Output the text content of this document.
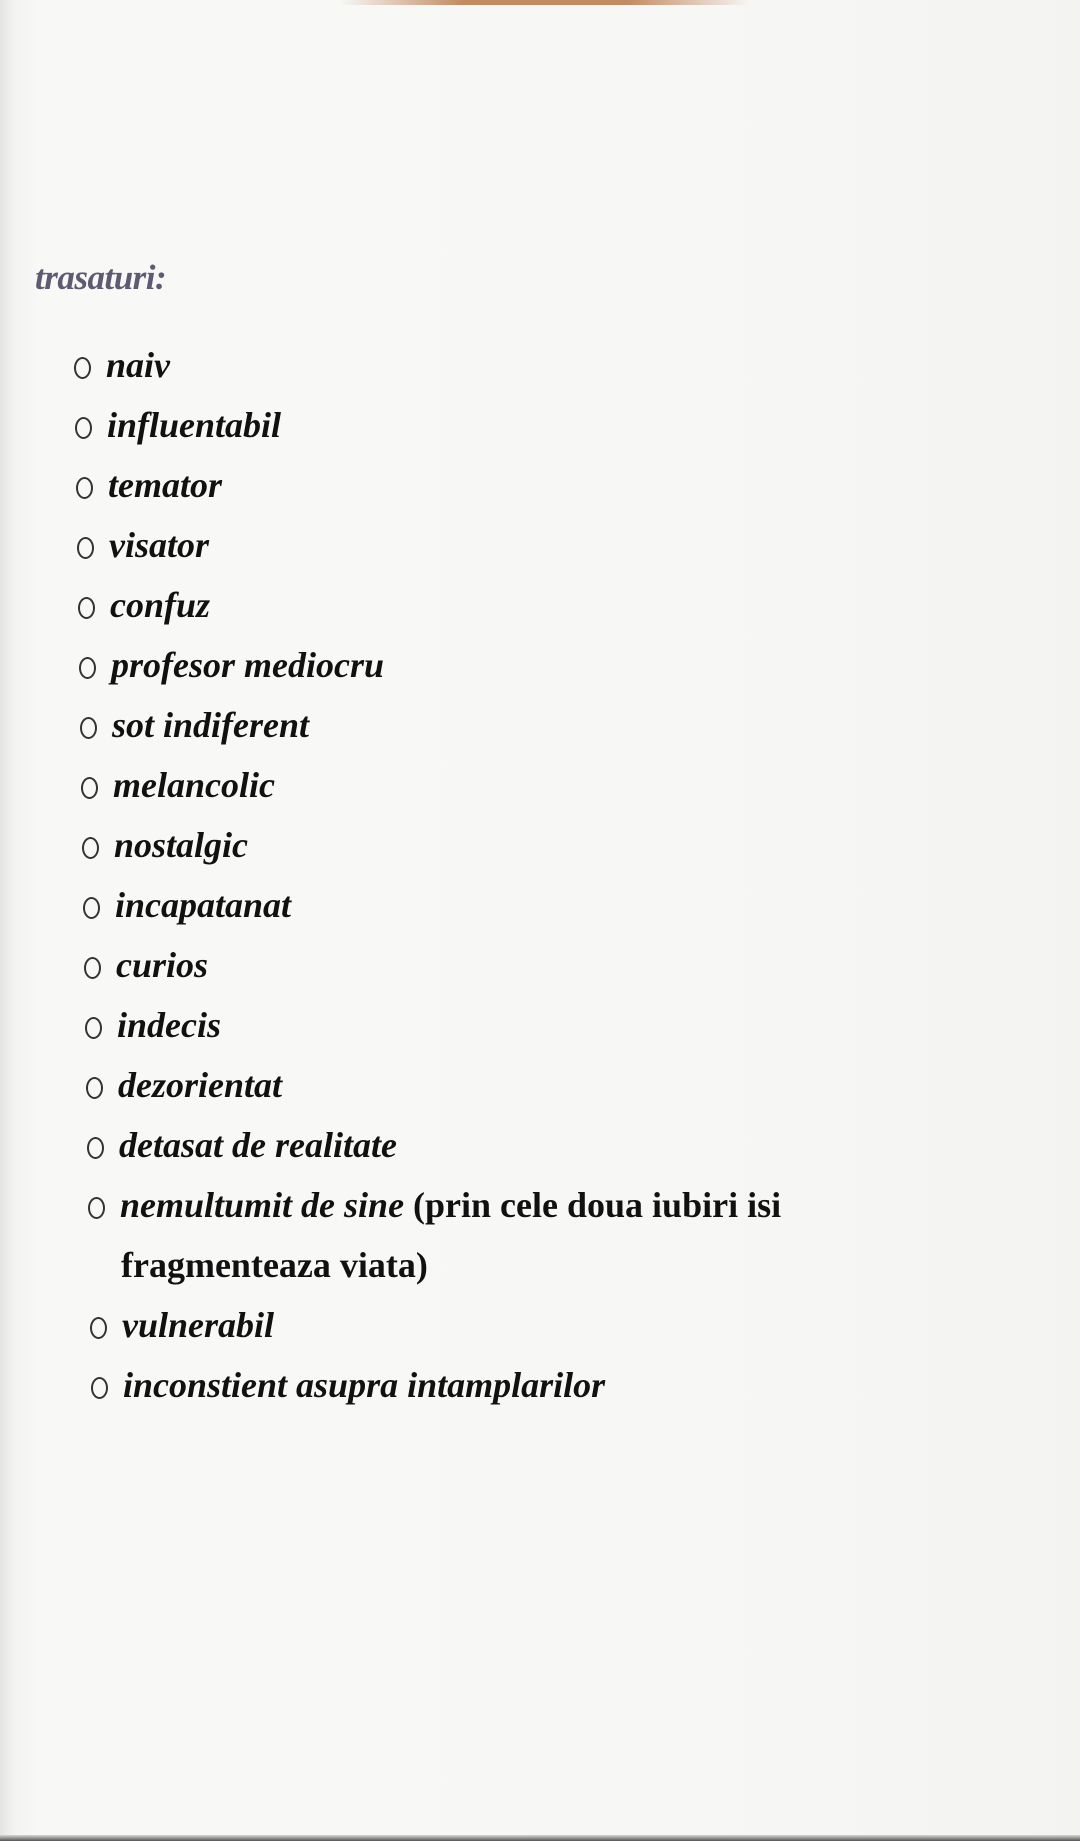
trasaturi:
naiv
influentabil
temator
visator
confuz
profesor mediocru
sot indiferent
melancolic
nostalgic
incapatanat
curios
indecis
dezorientat
detasat de realitate
nemultumit de sine (prin cele doua iubiri isi
fragmenteaza viata)
vulnerabil
inconstient asupra intamplarilor
